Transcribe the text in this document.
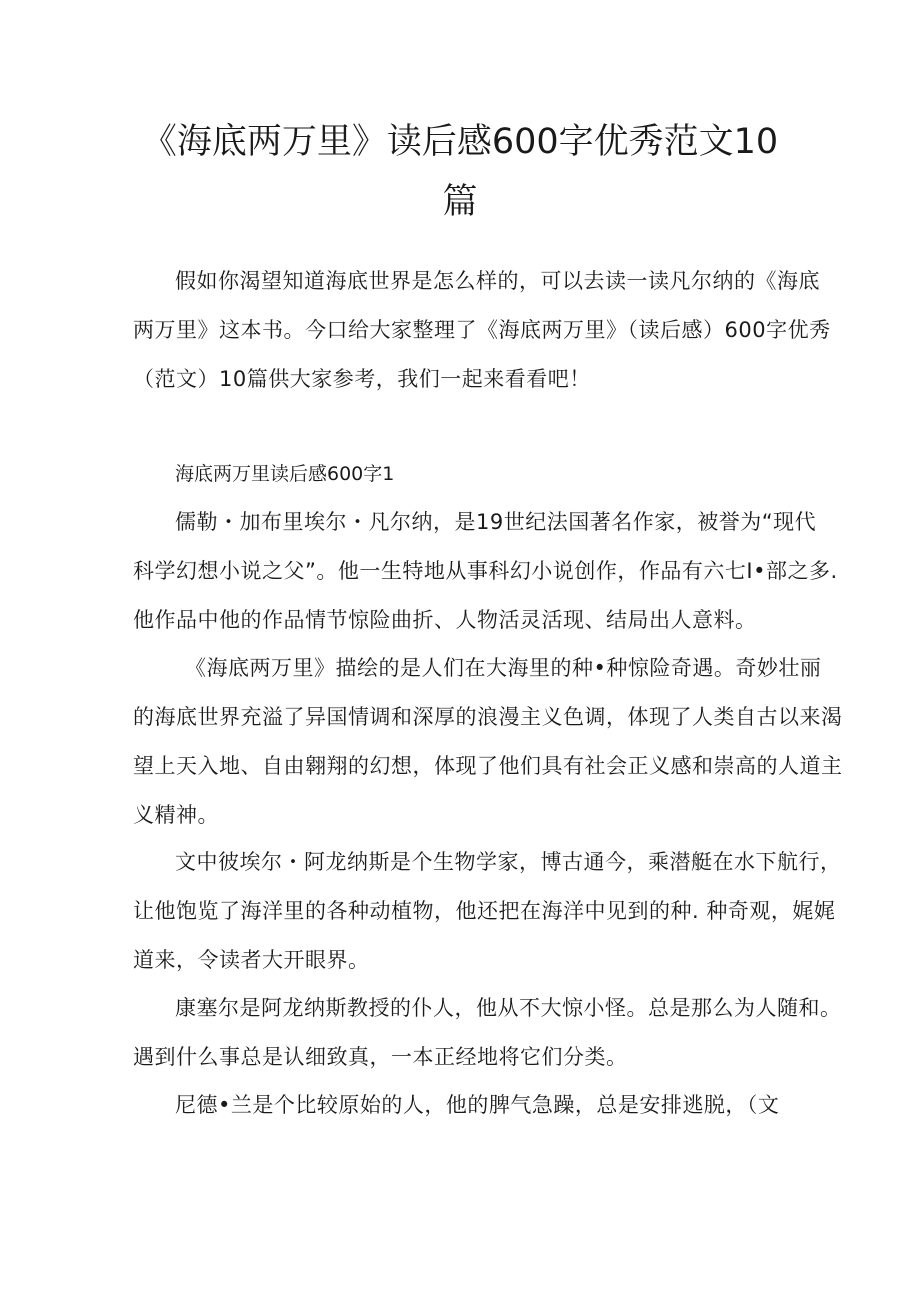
《海底两万里》读后感600字优秀范文10
篇

假如你渴望知道海底世界是怎么样的，可以去读一读凡尔纳的《海底
两万里》这本书。今口给大家整理了《海底两万里》（读后感）600字优秀
（范文）10篇供大家参考，我们一起来看看吧！

海底两万里读后感600字1

儒勒・加布里埃尔・凡尔纳，是19世纪法国著名作家，被誉为“现代
科学幻想小说之父”。他一生特地从事科幻小说创作，作品有六七I•部之多.
他作品中他的作品情节惊险曲折、人物活灵活现、结局出人意料。

《海底两万里》描绘的是人们在大海里的种•种惊险奇遇。奇妙壮丽
的海底世界充溢了异国情调和深厚的浪漫主义色调，体现了人类自古以来渴
望上天入地、自由翱翔的幻想，体现了他们具有社会正义感和崇高的人道主
义精神。

文中彼埃尔・阿龙纳斯是个生物学家，博古通今，乘潜艇在水下航行，
让他饱览了海洋里的各种动植物，他还把在海洋中见到的种. 种奇观，娓娓
道来，令读者大开眼界。

康塞尔是阿龙纳斯教授的仆人，他从不大惊小怪。总是那么为人随和。
遇到什么事总是认细致真，一本正经地将它们分类。

尼德•兰是个比较原始的人，他的脾气急躁，总是安排逃脱，（文
